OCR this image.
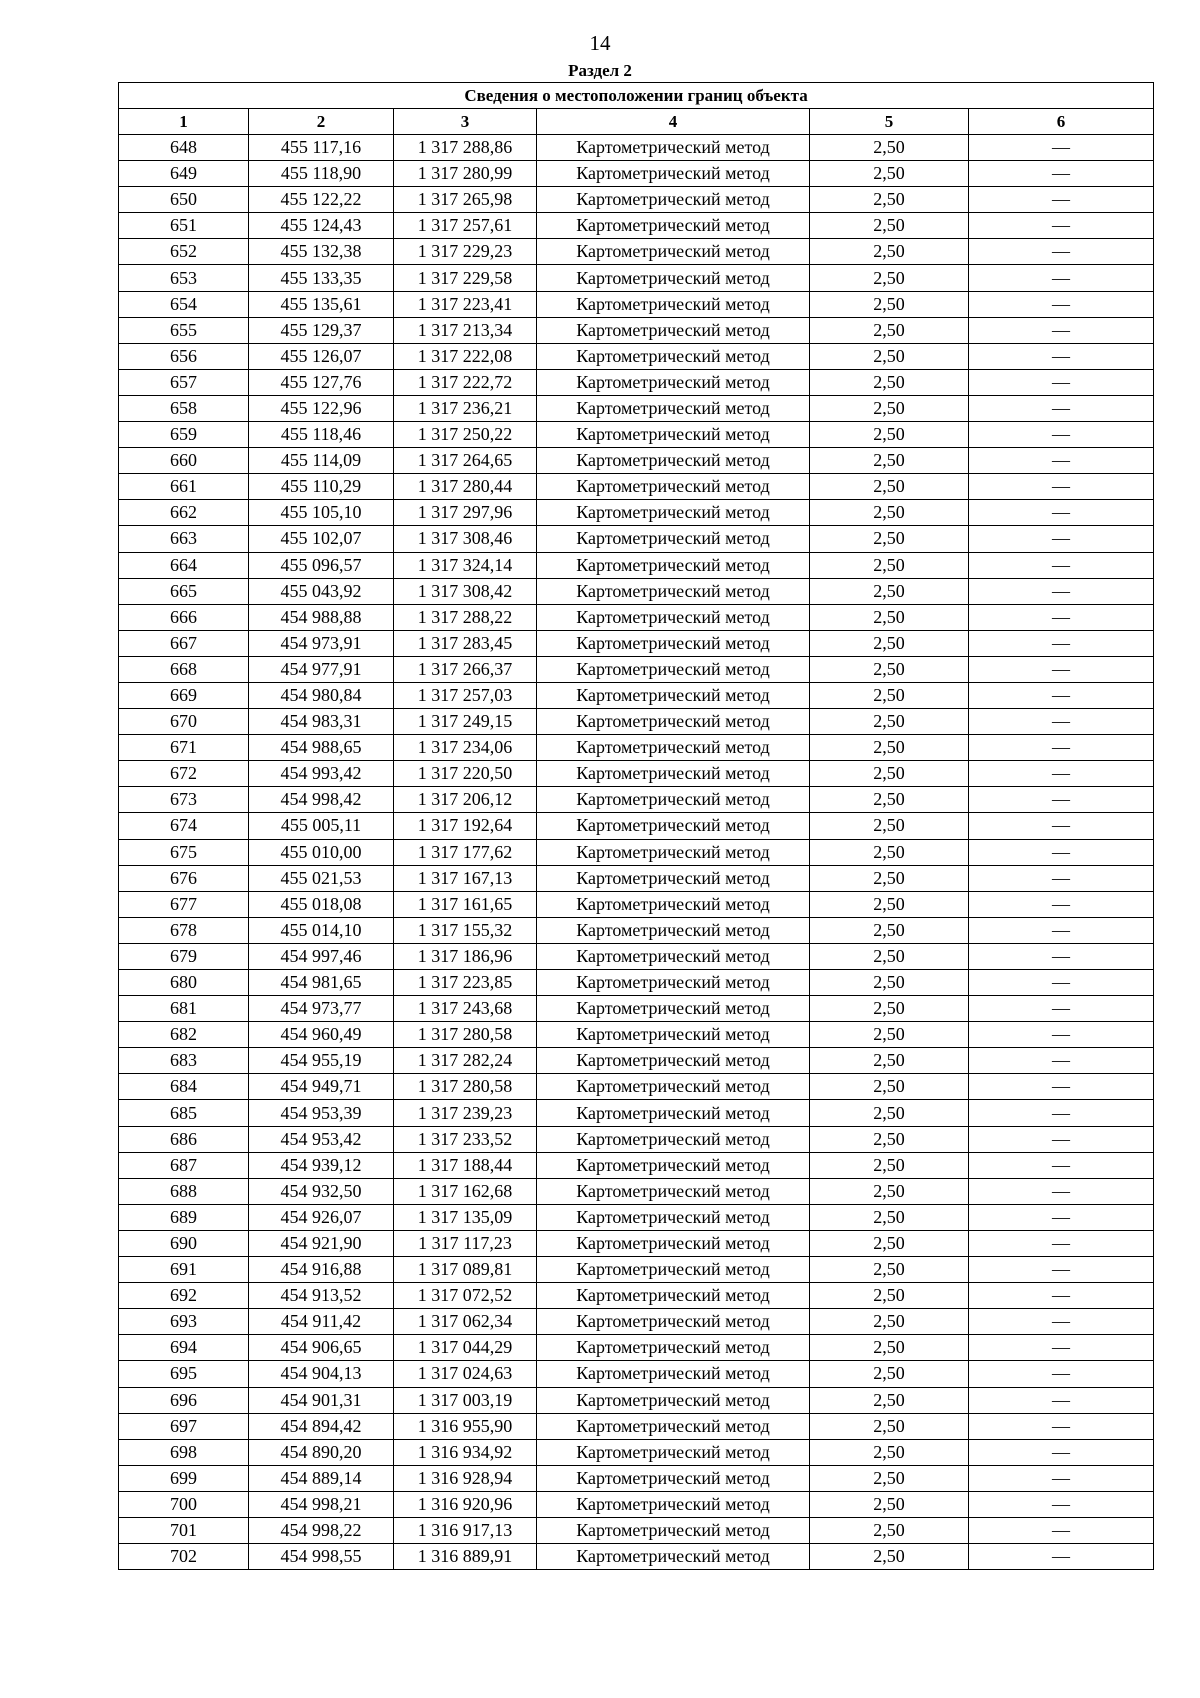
14
Раздел 2
Сведения о местоположении границ объекта					
1	2	3	4	5	6
648	455 117,16	1 317 288,86	Картометрический метод	2,50	—
649	455 118,90	1 317 280,99	Картометрический метод	2,50	—
650	455 122,22	1 317 265,98	Картометрический метод	2,50	—
651	455 124,43	1 317 257,61	Картометрический метод	2,50	—
652	455 132,38	1 317 229,23	Картометрический метод	2,50	—
653	455 133,35	1 317 229,58	Картометрический метод	2,50	—
654	455 135,61	1 317 223,41	Картометрический метод	2,50	—
655	455 129,37	1 317 213,34	Картометрический метод	2,50	—
656	455 126,07	1 317 222,08	Картометрический метод	2,50	—
657	455 127,76	1 317 222,72	Картометрический метод	2,50	—
658	455 122,96	1 317 236,21	Картометрический метод	2,50	—
659	455 118,46	1 317 250,22	Картометрический метод	2,50	—
660	455 114,09	1 317 264,65	Картометрический метод	2,50	—
661	455 110,29	1 317 280,44	Картометрический метод	2,50	—
662	455 105,10	1 317 297,96	Картометрический метод	2,50	—
663	455 102,07	1 317 308,46	Картометрический метод	2,50	—
664	455 096,57	1 317 324,14	Картометрический метод	2,50	—
665	455 043,92	1 317 308,42	Картометрический метод	2,50	—
666	454 988,88	1 317 288,22	Картометрический метод	2,50	—
667	454 973,91	1 317 283,45	Картометрический метод	2,50	—
668	454 977,91	1 317 266,37	Картометрический метод	2,50	—
669	454 980,84	1 317 257,03	Картометрический метод	2,50	—
670	454 983,31	1 317 249,15	Картометрический метод	2,50	—
671	454 988,65	1 317 234,06	Картометрический метод	2,50	—
672	454 993,42	1 317 220,50	Картометрический метод	2,50	—
673	454 998,42	1 317 206,12	Картометрический метод	2,50	—
674	455 005,11	1 317 192,64	Картометрический метод	2,50	—
675	455 010,00	1 317 177,62	Картометрический метод	2,50	—
676	455 021,53	1 317 167,13	Картометрический метод	2,50	—
677	455 018,08	1 317 161,65	Картометрический метод	2,50	—
678	455 014,10	1 317 155,32	Картометрический метод	2,50	—
679	454 997,46	1 317 186,96	Картометрический метод	2,50	—
680	454 981,65	1 317 223,85	Картометрический метод	2,50	—
681	454 973,77	1 317 243,68	Картометрический метод	2,50	—
682	454 960,49	1 317 280,58	Картометрический метод	2,50	—
683	454 955,19	1 317 282,24	Картометрический метод	2,50	—
684	454 949,71	1 317 280,58	Картометрический метод	2,50	—
685	454 953,39	1 317 239,23	Картометрический метод	2,50	—
686	454 953,42	1 317 233,52	Картометрический метод	2,50	—
687	454 939,12	1 317 188,44	Картометрический метод	2,50	—
688	454 932,50	1 317 162,68	Картометрический метод	2,50	—
689	454 926,07	1 317 135,09	Картометрический метод	2,50	—
690	454 921,90	1 317 117,23	Картометрический метод	2,50	—
691	454 916,88	1 317 089,81	Картометрический метод	2,50	—
692	454 913,52	1 317 072,52	Картометрический метод	2,50	—
693	454 911,42	1 317 062,34	Картометрический метод	2,50	—
694	454 906,65	1 317 044,29	Картометрический метод	2,50	—
695	454 904,13	1 317 024,63	Картометрический метод	2,50	—
696	454 901,31	1 317 003,19	Картометрический метод	2,50	—
697	454 894,42	1 316 955,90	Картометрический метод	2,50	—
698	454 890,20	1 316 934,92	Картометрический метод	2,50	—
699	454 889,14	1 316 928,94	Картометрический метод	2,50	—
700	454 998,21	1 316 920,96	Картометрический метод	2,50	—
701	454 998,22	1 316 917,13	Картометрический метод	2,50	—
702	454 998,55	1 316 889,91	Картометрический метод	2,50	—
